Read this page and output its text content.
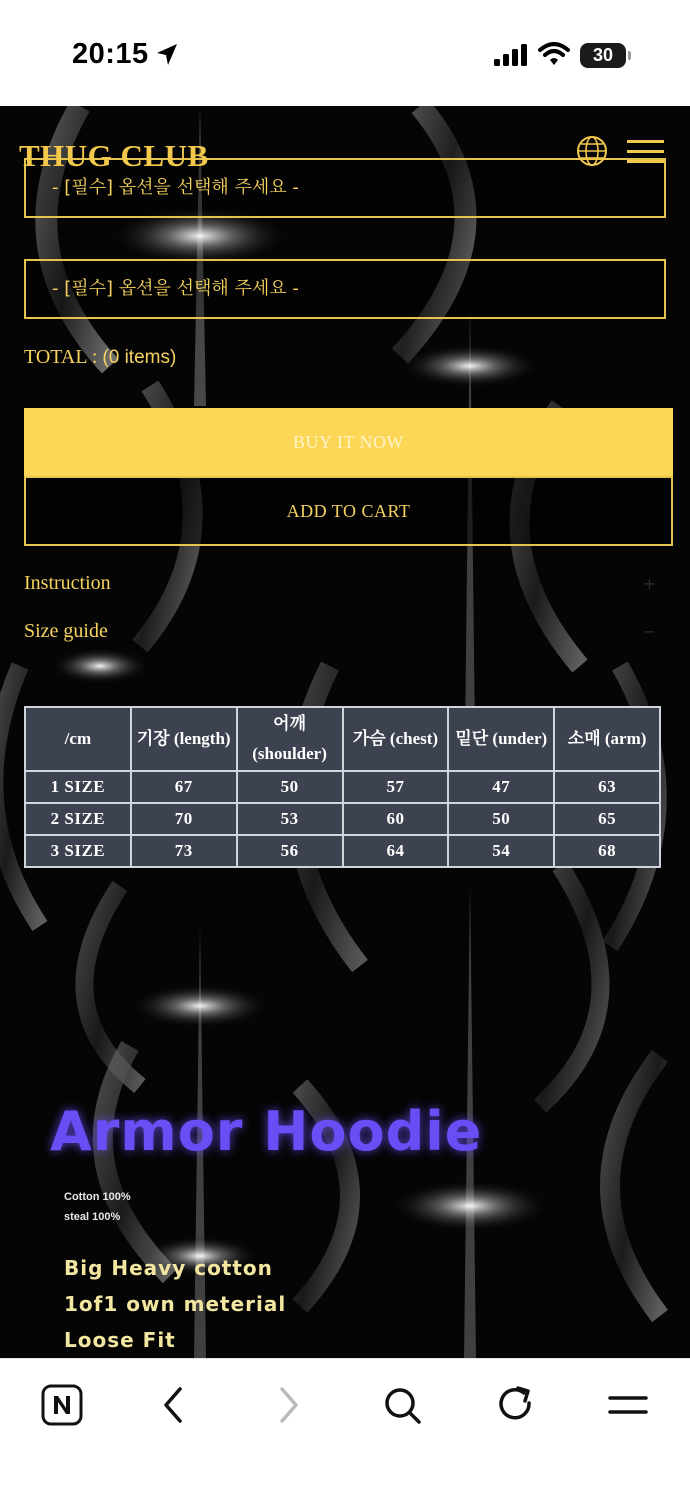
20:15	30
THUG CLUB
- [필수] 옵션을 선택해 주세요 -
- [필수] 옵션을 선택해 주세요 -
TOTAL : (0 items)
BUY IT NOW
ADD TO CART
Instruction	+
Size guide	−
/cm	기장 (length)	어깨 (shoulder)	가슴 (chest)	밑단 (under)	소매 (arm)
1 SIZE	67	50	57	47	63
2 SIZE	70	53	60	50	65
3 SIZE	73	56	64	54	68
Armor Hoodie
Cotton 100%
steal 100%
Big Heavy cotton
1of1 own meterial
Loose Fit
